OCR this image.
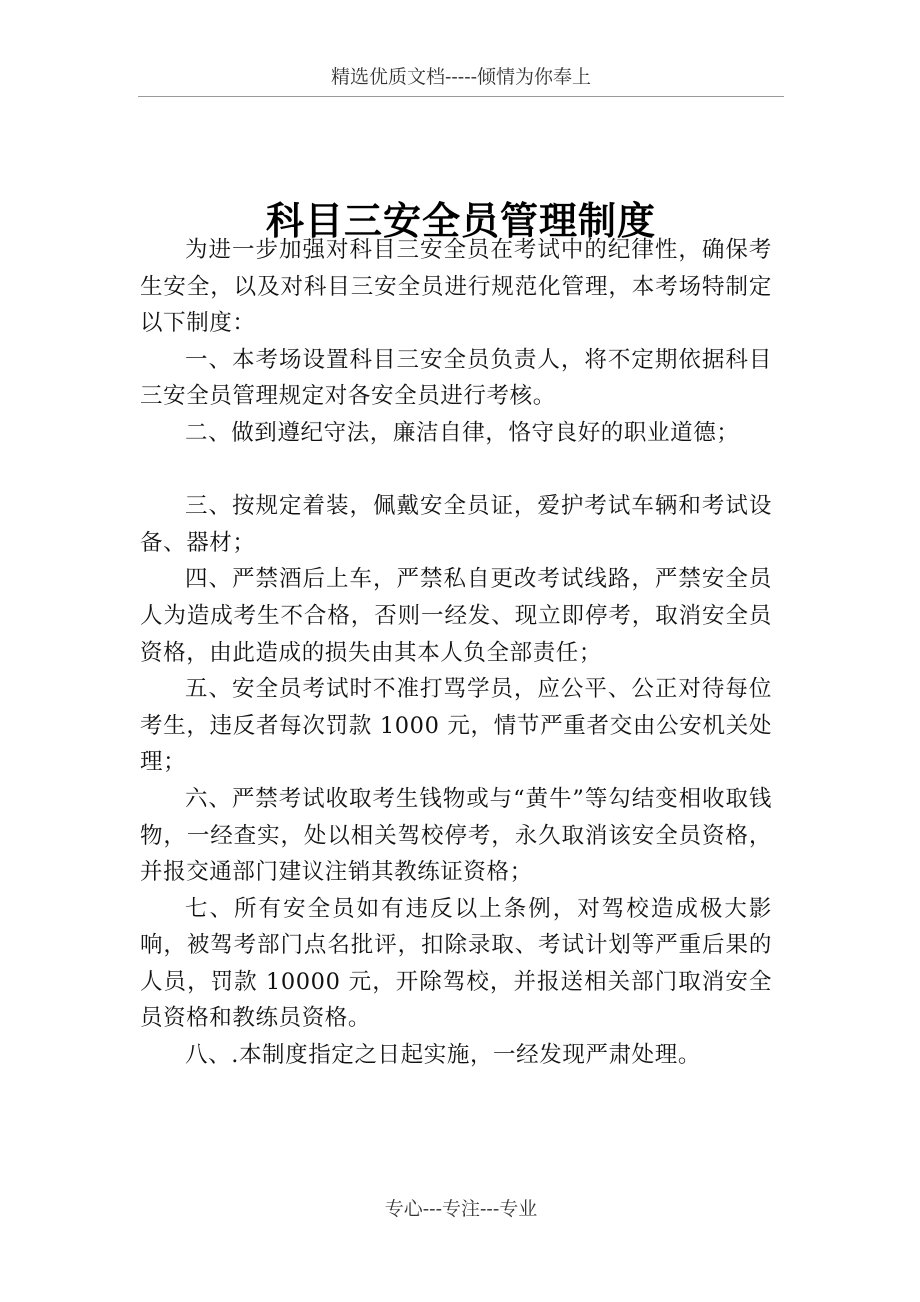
精选优质文档-----倾情为你奉上
科目三安全员管理制度

为进一步加强对科目三安全员在考试中的纪律性，确保考生安全，以及对科目三安全员进行规范化管理，本考场特制定以下制度：

一、本考场设置科目三安全员负责人，将不定期依据科目三安全员管理规定对各安全员进行考核。

二、做到遵纪守法，廉洁自律，恪守良好的职业道德；

三、按规定着装，佩戴安全员证，爱护考试车辆和考试设备、器材；

四、严禁酒后上车，严禁私自更改考试线路，严禁安全员人为造成考生不合格，否则一经发、现立即停考，取消安全员 资格，由此造成的损失由其本人负全部责任；

五、安全员考试时不准打骂学员，应公平、公正对待每位考生，违反者每次罚款 1000 元，情节严重者交由公安机关处理；

六、严禁考试收取考生钱物或与“黄牛”等勾结变相收取钱物，一经查实，处以相关驾校停考，永久取消该安全员资格，并报交通部门建议注销其教练证资格；

七、所有安全员如有违反以上条例，对驾校造成极大影响，被驾考部门点名批评，扣除录取、考试计划等严重后果的人员，罚款 10000 元，开除驾校，并报送相关部门取消安全员资格和教练员资格。

八、.本制度指定之日起实施，一经发现严肃处理。

专心---专注---专业
